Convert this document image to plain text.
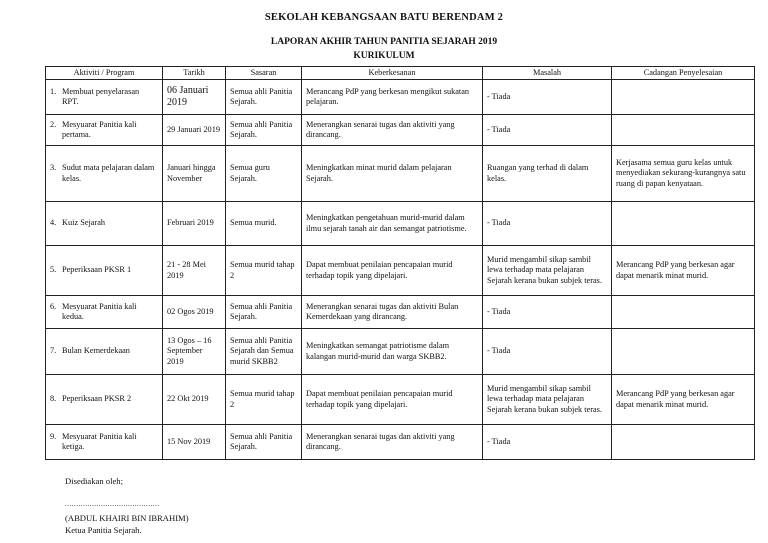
SEKOLAH KEBANGSAAN BATU BERENDAM 2
LAPORAN AKHIR TAHUN PANITIA SEJARAH 2019
KURIKULUM
Aktiviti / Program	Tarikh	Sasaran	Keberkesanan	Masalah	Cadangan Penyelesaian
1. Membuat penyelarasan RPT.	06 Januari 2019	Semua ahli Panitia Sejarah.	Merancang PdP yang berkesan mengikut sukatan pelajaran.	- Tiada	
2. Mesyuarat Panitia kali pertama.	29 Januari 2019	Semua ahli Panitia Sejarah.	Menerangkan senarai tugas dan aktiviti yang dirancang.	- Tiada	
3. Sudut mata pelajaran dalam kelas.	Januari hingga November	Semua guru Sejarah.	Meningkatkan minat murid dalam pelajaran Sejarah.	Ruangan yang terhad di dalam kelas.	Kerjasama semua guru kelas untuk menyediakan sekurang-kurangnya satu ruang di papan kenyataan.
4. Kuiz Sejarah	Februari 2019	Semua murid.	Meningkatkan pengetahuan murid-murid dalam ilmu sejarah tanah air dan semangat patriotisme.	- Tiada	
5. Peperiksaan PKSR 1	21 - 28 Mei 2019	Semua murid tahap 2	Dapat membuat penilaian pencapaian murid terhadap topik yang dipelajari.	Murid mengambil sikap sambil lewa terhadap mata pelajaran Sejarah kerana bukan subjek teras.	Merancang PdP yang berkesan agar dapat menarik minat murid.
6. Mesyuarat Panitia kali kedua.	02 Ogos 2019	Semua ahli Panitia Sejarah.	Menerangkan senarai tugas dan aktiviti Bulan Kemerdekaan yang dirancang.	- Tiada	
7. Bulan Kemerdekaan	13 Ogos – 16 September 2019	Semua ahli Panitia Sejarah dan Semua murid SKBB2	Meningkatkan semangat patriotisme dalam kalangan murid-murid dan warga SKBB2.	- Tiada	
8. Peperiksaan PKSR 2	22 Okt 2019	Semua murid tahap 2	Dapat membuat penilaian pencapaian murid terhadap topik yang dipelajari.	Murid mengambil sikap sambil lewa terhadap mata pelajaran Sejarah kerana bukan subjek teras.	Merancang PdP yang berkesan agar dapat menarik minat murid.
9. Mesyuarat Panitia kali ketiga.	15 Nov 2019	Semua ahli Panitia Sejarah.	Menerangkan senarai tugas dan aktiviti yang dirancang.	- Tiada	
Disediakan oleh;
..........................................
(ABDUL KHAIRI BIN IBRAHIM)
Ketua Panitia Sejarah.
